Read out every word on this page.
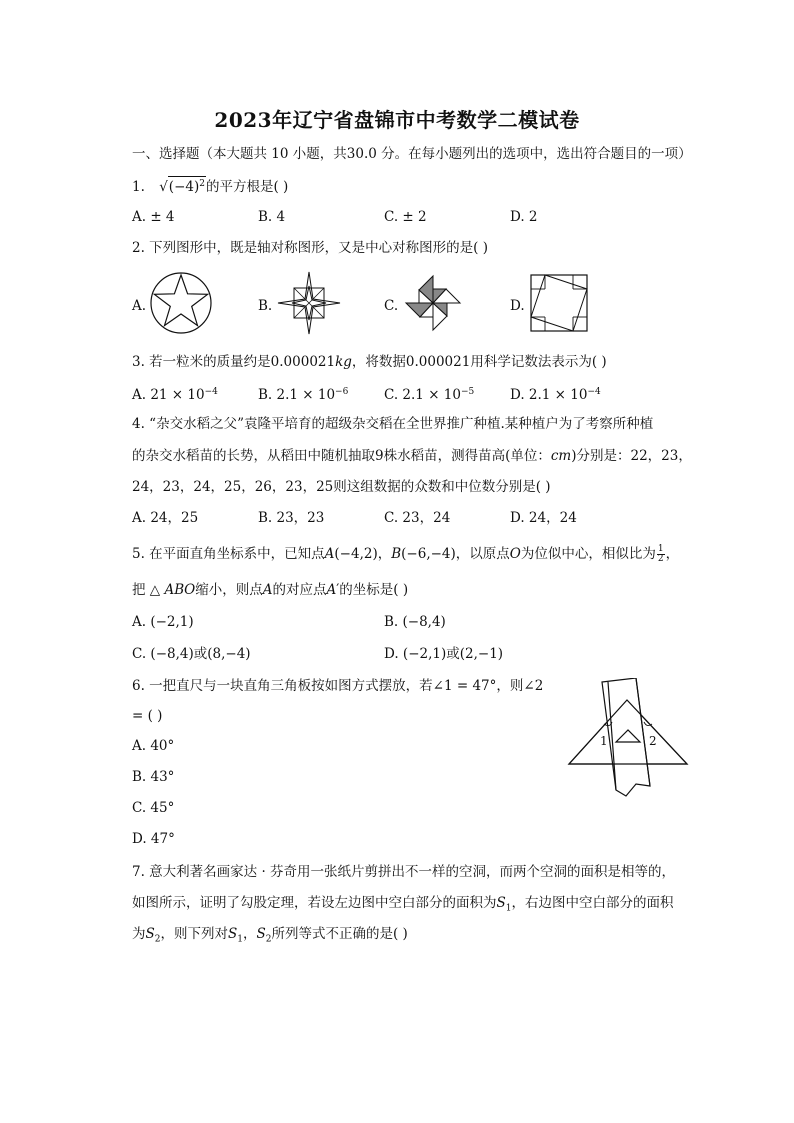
2023年辽宁省盘锦市中考数学二模试卷
一、选择题（本大题共 10 小题，共30.0 分。在每小题列出的选项中，选出符合题目的一项）
1. $√(-4)^2$的平方根是( )
A. ± 4	B. 4	C. ± 2	D. 2
2. 下列图形中，既是轴对称图形，又是中心对称图形的是( )
A.	B.	C.	D.
3. 若一粒米的质量约是0.000021𝑘𝑔，将数据0.000021用科学记数法表示为( )
A. $21 \times 10^{-4}$	B. $2.1 \times 10^{-6}$	C. $2.1 \times 10^{-5}$	D. $2.1 \times 10^{-4}$
4. “杂交水稻之父”袁隆平培育的超级杂交稻在全世界推广种植.某种植户为了考察所种植
的杂交水稻苗的长势，从稻田中随机抽取9株水稻苗，测得苗高(单位：𝑐𝑚)分别是：22，23，
24，23，24，25，26，23，25则这组数据的众数和中位数分别是( )
A. 24，25	B. 23，23	C. 23，24	D. 24，24
5. 在平面直角坐标系中，已知点𝐴(−4,2)，𝐵(−6,−4)，以原点𝑂为位似中心，相似比为 $\frac{1}{2}$ ，
把 △ 𝐴𝐵𝑂缩小，则点𝐴的对应点𝐴′的坐标是( )
A. (−2,1)	B. (−8,4)
C. (−8,4)或(8,−4)	D. (−2,1)或(2,−1)
6. 一把直尺与一块直角三角板按如图方式摆放，若∠1 = 47°，则∠2
= ( )
A. 40°
B. 43°
C. 45°
D. 47°
1	2
7. 意大利著名画家达 · 芬奇用一张纸片剪拼出不一样的空洞，而两个空洞的面积是相等的，
如图所示，证明了勾股定理，若设左边图中空白部分的面积为𝑆$_1$，右边图中空白部分的面积
为𝑆$_2$，则下列对𝑆$_1$，𝑆$_2$所列等式不正确的是( )
